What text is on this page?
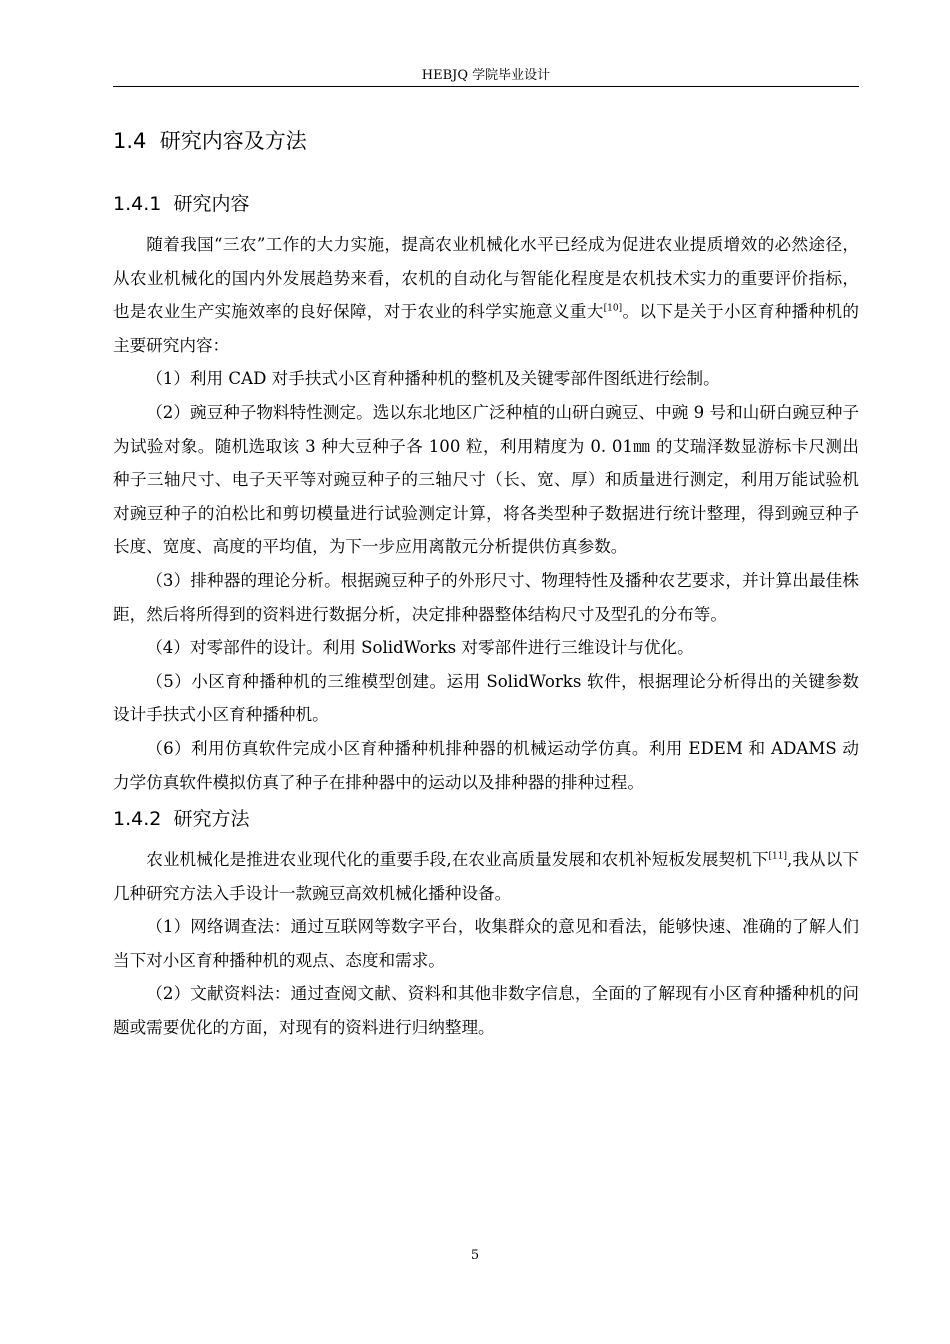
HEBJQ 学院毕业设计
1.4 研究内容及方法
1.4.1 研究内容

随着我国“三农”工作的大力实施，提高农业机械化水平已经成为促进农业提质增效的必然途径，从农业机械化的国内外发展趋势来看，农机的自动化与智能化程度是农机技术实力的重要评价指标，也是农业生产实施效率的良好保障，对于农业的科学实施意义重大[10]。以下是关于小区育种播种机的主要研究内容：

（1）利用 CAD 对手扶式小区育种播种机的整机及关键零部件图纸进行绘制。

（2）豌豆种子物料特性测定。选以东北地区广泛种植的山研白豌豆、中豌 9 号和山研白豌豆种子为试验对象。随机选取该 3 种大豆种子各 100 粒，利用精度为 0. 01㎜ 的艾瑞泽数显游标卡尺测出种子三轴尺寸、电子天平等对豌豆种子的三轴尺寸（长、宽、厚）和质量进行测定，利用万能试验机对豌豆种子的泊松比和剪切模量进行试验测定计算，将各类型种子数据进行统计整理，得到豌豆种子长度、宽度、高度的平均值，为下一步应用离散元分析提供仿真参数。

（3）排种器的理论分析。根据豌豆种子的外形尺寸、物理特性及播种农艺要求，并计算出最佳株距，然后将所得到的资料进行数据分析，决定排种器整体结构尺寸及型孔的分布等。

（4）对零部件的设计。利用 SolidWorks 对零部件进行三维设计与优化。

（5）小区育种播种机的三维模型创建。运用 SolidWorks 软件，根据理论分析得出的关键参数设计手扶式小区育种播种机。

（6）利用仿真软件完成小区育种播种机排种器的机械运动学仿真。利用 EDEM 和 ADAMS 动力学仿真软件模拟仿真了种子在排种器中的运动以及排种器的排种过程。

1.4.2 研究方法

农业机械化是推进农业现代化的重要手段,在农业高质量发展和农机补短板发展契机下[11],我从以下几种研究方法入手设计一款豌豆高效机械化播种设备。

（1）网络调查法：通过互联网等数字平台，收集群众的意见和看法，能够快速、准确的了解人们当下对小区育种播种机的观点、态度和需求。

（2）文献资料法：通过查阅文献、资料和其他非数字信息，全面的了解现有小区育种播种机的问题或需要优化的方面，对现有的资料进行归纳整理。

5
